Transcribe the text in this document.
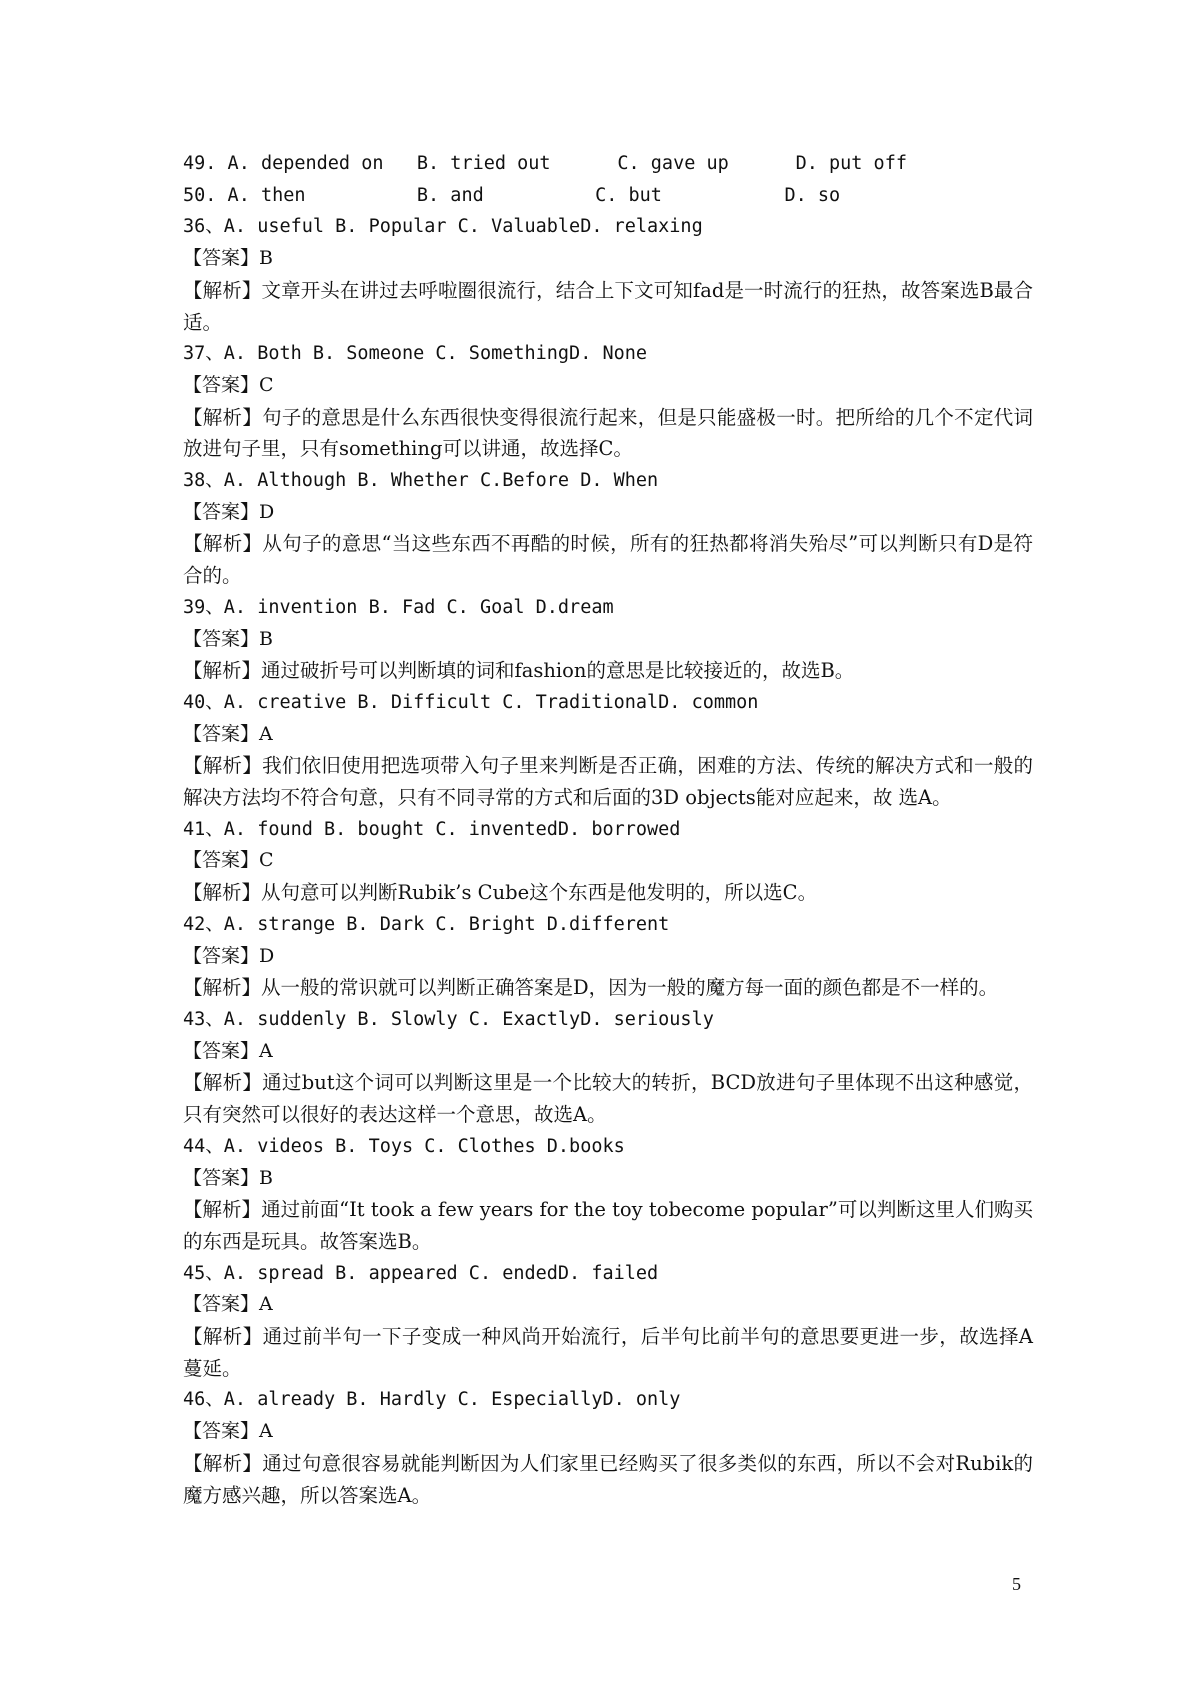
49. A. depended on   B. tried out      C. gave up      D. put off
50. A. then          B. and          C. but           D. so
36、A. useful B. Popular C. ValuableD. relaxing
【答案】B

【解析】文章开头在讲过去呼啦圈很流行，结合上下文可知fad是一时流行的狂热，故答案选B最合适。

37、A. Both B. Someone C. SomethingD. None
【答案】C

【解析】句子的意思是什么东西很快变得很流行起来，但是只能盛极一时。把所给的几个不定代词放进句子里，只有something可以讲通，故选择C。

38、A. Although B. Whether C.Before D. When
【答案】D

【解析】从句子的意思“当这些东西不再酷的时候，所有的狂热都将消失殆尽”可以判断只有D是符合的。

39、A. invention B. Fad C. Goal D.dream
【答案】B

【解析】通过破折号可以判断填的词和fashion的意思是比较接近的，故选B。

40、A. creative B. Difficult C. TraditionalD. common
【答案】A

【解析】我们依旧使用把选项带入句子里来判断是否正确，困难的方法、传统的解决方式和一般的解决方法均不符合句意，只有不同寻常的方式和后面的3D objects能对应起来，故 选A。

41、A. found B. bought C. inventedD. borrowed
【答案】C

【解析】从句意可以判断Rubik’s Cube这个东西是他发明的，所以选C。

42、A. strange B. Dark C. Bright D.different
【答案】D

【解析】从一般的常识就可以判断正确答案是D，因为一般的魔方每一面的颜色都是不一样的。

43、A. suddenly B. Slowly C. ExactlyD. seriously
【答案】A

【解析】通过but这个词可以判断这里是一个比较大的转折，BCD放进句子里体现不出这种感觉，只有突然可以很好的表达这样一个意思，故选A。

44、A. videos B. Toys C. Clothes D.books
【答案】B

【解析】通过前面“It took a few years for the toy tobecome popular”可以判断这里人们购买的东西是玩具。故答案选B。

45、A. spread B. appeared C. endedD. failed
【答案】A

【解析】通过前半句一下子变成一种风尚开始流行，后半句比前半句的意思要更进一步，故选择A蔓延。

46、A. already B. Hardly C. EspeciallyD. only
【答案】A

【解析】通过句意很容易就能判断因为人们家里已经购买了很多类似的东西，所以不会对Rubik的魔方感兴趣，所以答案选A。

5
